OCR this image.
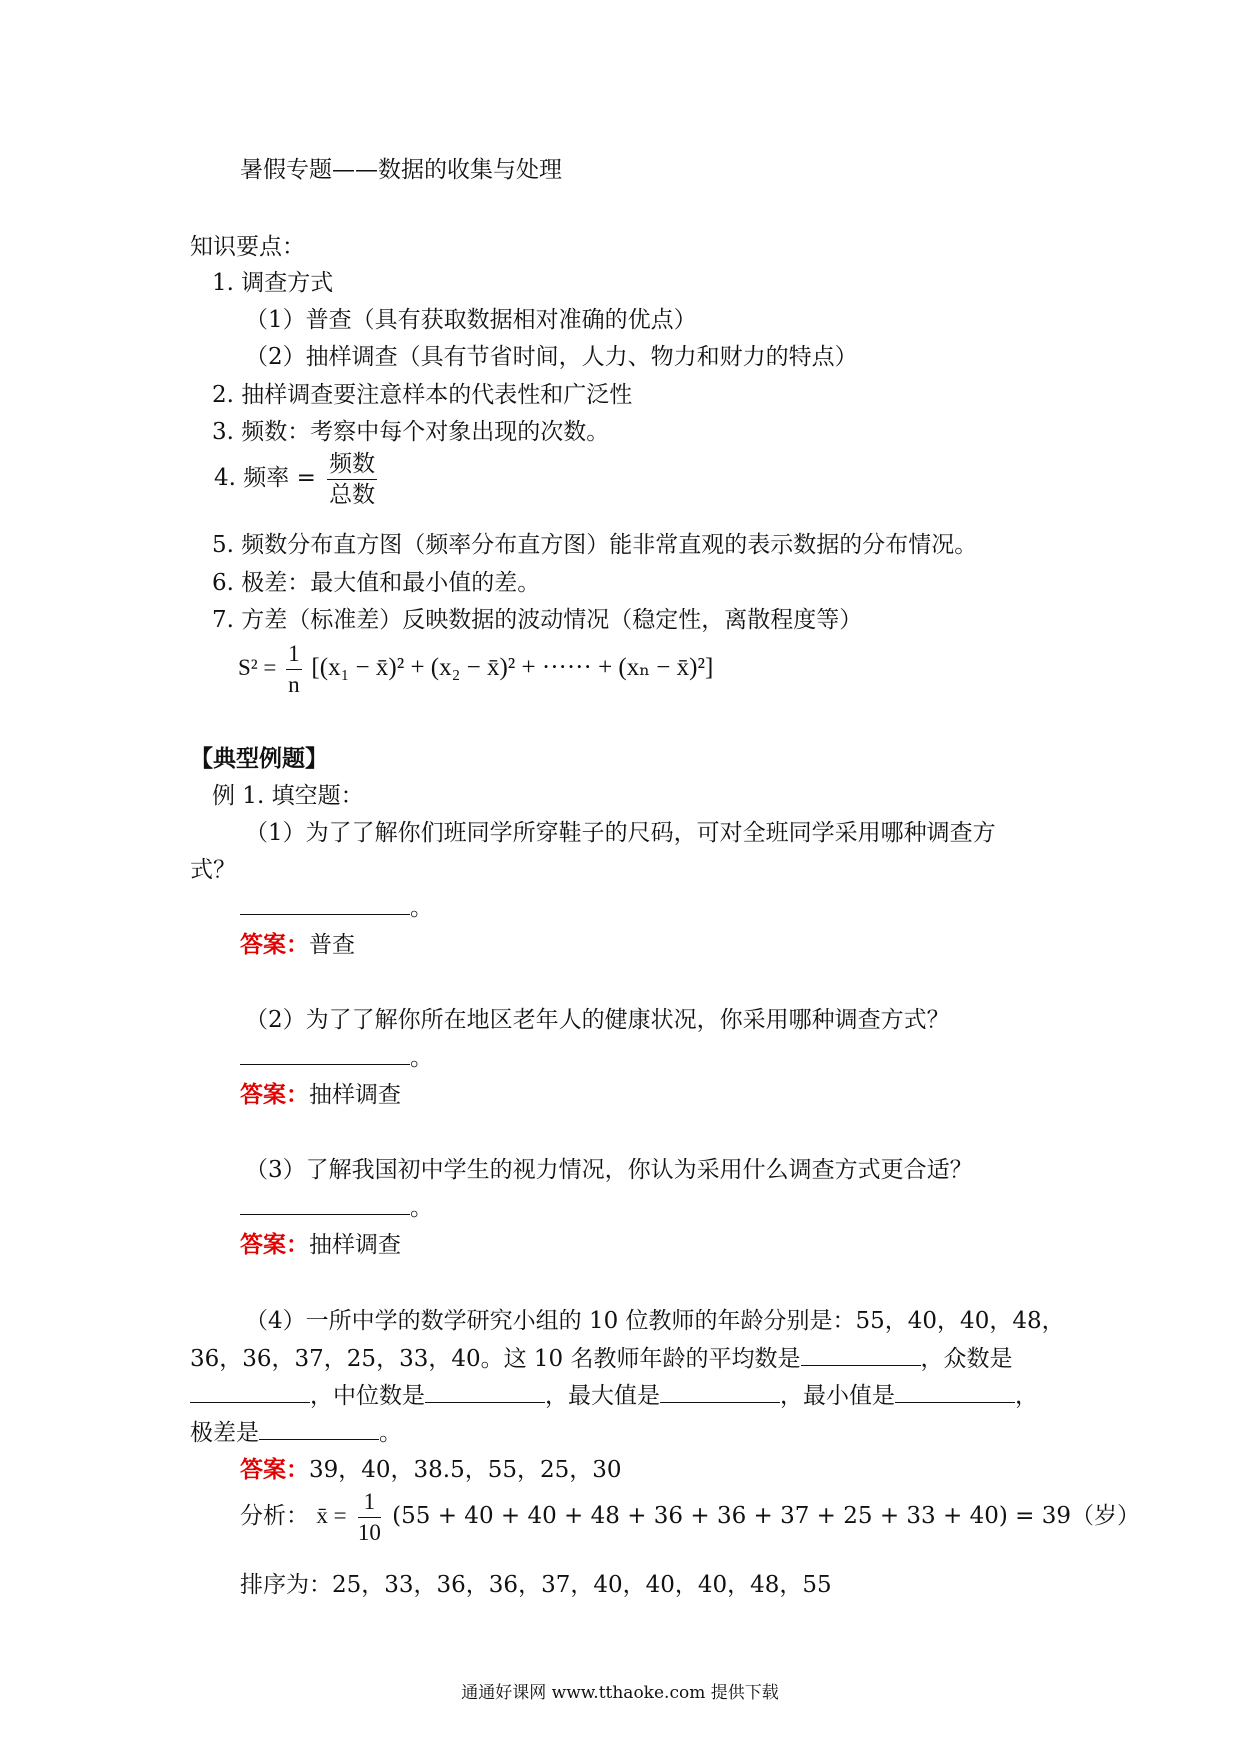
暑假专题——数据的收集与处理
知识要点：
1. 调查方式
（1）普查（具有获取数据相对准确的优点）
（2）抽样调查（具有节省时间，人力、物力和财力的特点）
2. 抽样调查要注意样本的代表性和广泛性
3. 频数：考察中每个对象出现的次数。
4. 频率 = $\frac{\text{频数}}{\text{总数}}$
5. 频数分布直方图（频率分布直方图）能非常直观的表示数据的分布情况。
6. 极差：最大值和最小值的差。
7. 方差（标准差）反映数据的波动情况（稳定性，离散程度等）
$S^2 = \frac{1}{n} [(x_1$ − x̄)² + (x₂ − x̄)² + ······ + (xₙ − x̄)²]
【典型例题】
例 1. 填空题：
（1）为了了解你们班同学所穿鞋子的尺码，可对全班同学采用哪种调查方
式？
。
答案：普查
（2）为了了解你所在地区老年人的健康状况，你采用哪种调查方式？
。
答案：抽样调查
（3）了解我国初中学生的视力情况，你认为采用什么调查方式更合适？
。
答案：抽样调查
（4）一所中学的数学研究小组的 10 位教师的年龄分别是：55，40，40，48，
36，36，37，25，33，40。这 10 名教师年龄的平均数是	，众数是
，中位数是	，最大值是	，最小值是	，
极差是	。
答案：39，40，38.5，55，25，30
分析： x̄ = $\frac{1}{10} (55 + 40 + 40 + 48 + 36 + 36 + 37 + 25 + 33 + 40) = 39$（岁）
排序为：25，33，36，36，37，40，40，40，48，55
通通好课网 www.tthaoke.com 提供下载
